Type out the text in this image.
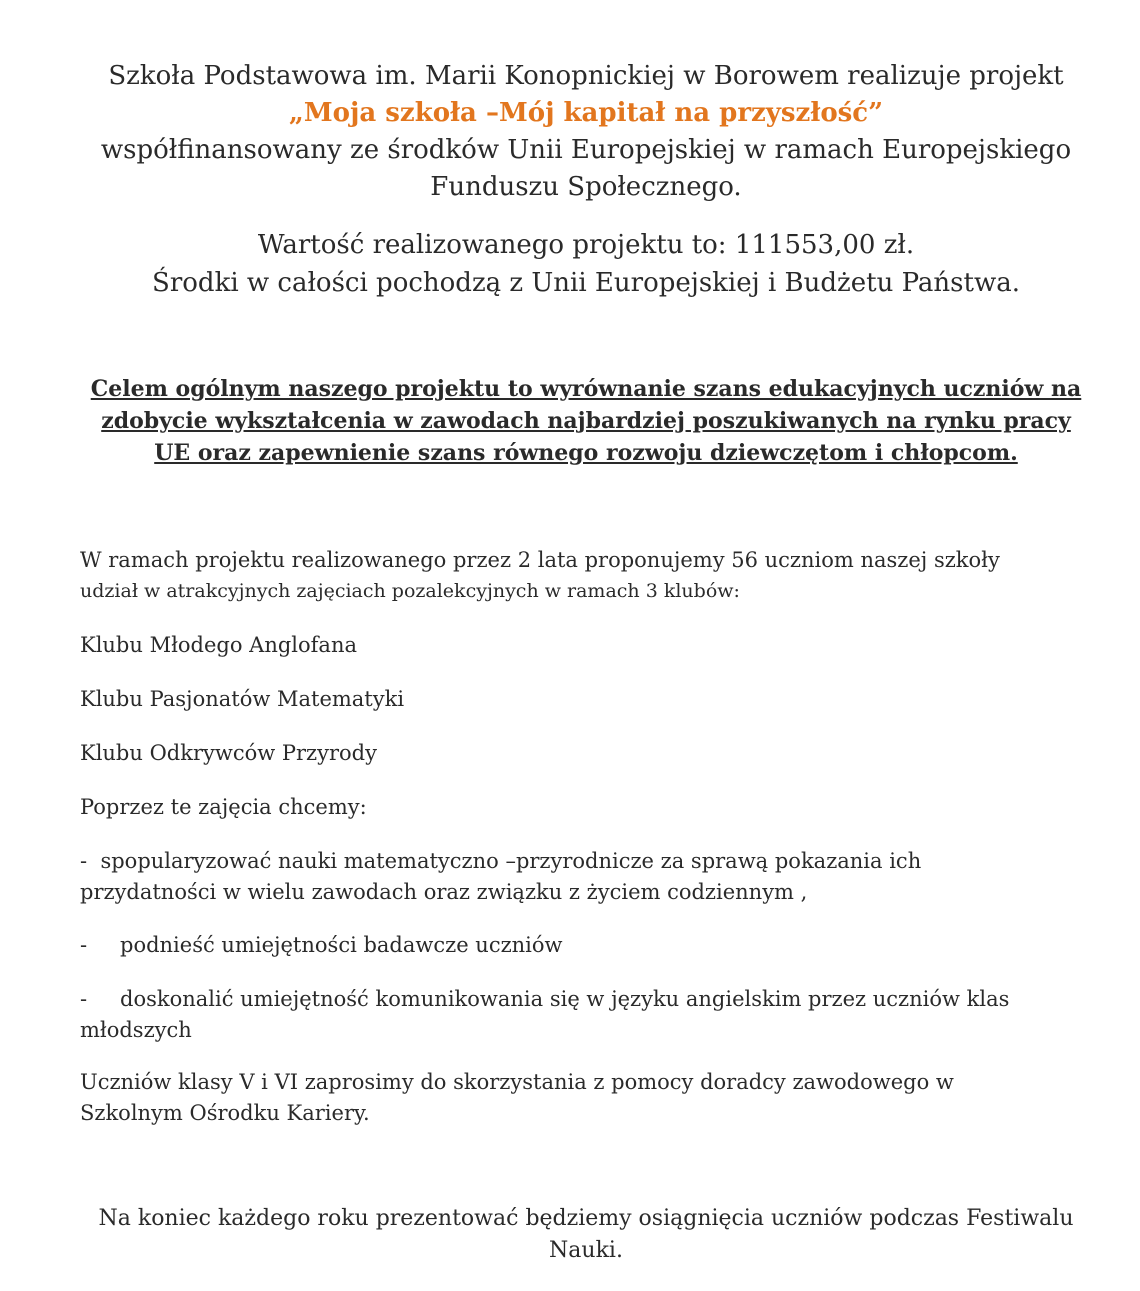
Szkoła Podstawowa im. Marii Konopnickiej w Borowem realizuje projekt
„Moja szkoła –Mój kapitał na przyszłość”
współfinansowany ze środków Unii Europejskiej w ramach Europejskiego
Funduszu Społecznego.
Wartość realizowanego projektu to: 111553,00 zł.
Środki w całości pochodzą z Unii Europejskiej i Budżetu Państwa.
Celem ogólnym naszego projektu to wyrównanie szans edukacyjnych uczniów na
zdobycie wykształcenia w zawodach najbardziej poszukiwanych na rynku pracy
UE oraz zapewnienie szans równego rozwoju dziewczętom i chłopcom.
W ramach projektu realizowanego przez 2 lata proponujemy 56 uczniom naszej szkoły
udział w atrakcyjnych zajęciach pozalekcyjnych w ramach 3 klubów:
Klubu Młodego Anglofana
Klubu Pasjonatów Matematyki
Klubu Odkrywców Przyrody
Poprzez te zajęcia chcemy:
-  spopularyzować nauki matematyczno –przyrodnicze za sprawą pokazania ich
przydatności w wielu zawodach oraz związku z życiem codziennym ,
- podnieść umiejętności badawcze uczniów
- doskonalić umiejętność komunikowania się w języku angielskim przez uczniów klas
młodszych
Uczniów klasy V i VI zaprosimy do skorzystania z pomocy doradcy zawodowego w
Szkolnym Ośrodku Kariery.
Na koniec każdego roku prezentować będziemy osiągnięcia uczniów podczas Festiwalu
Nauki.
